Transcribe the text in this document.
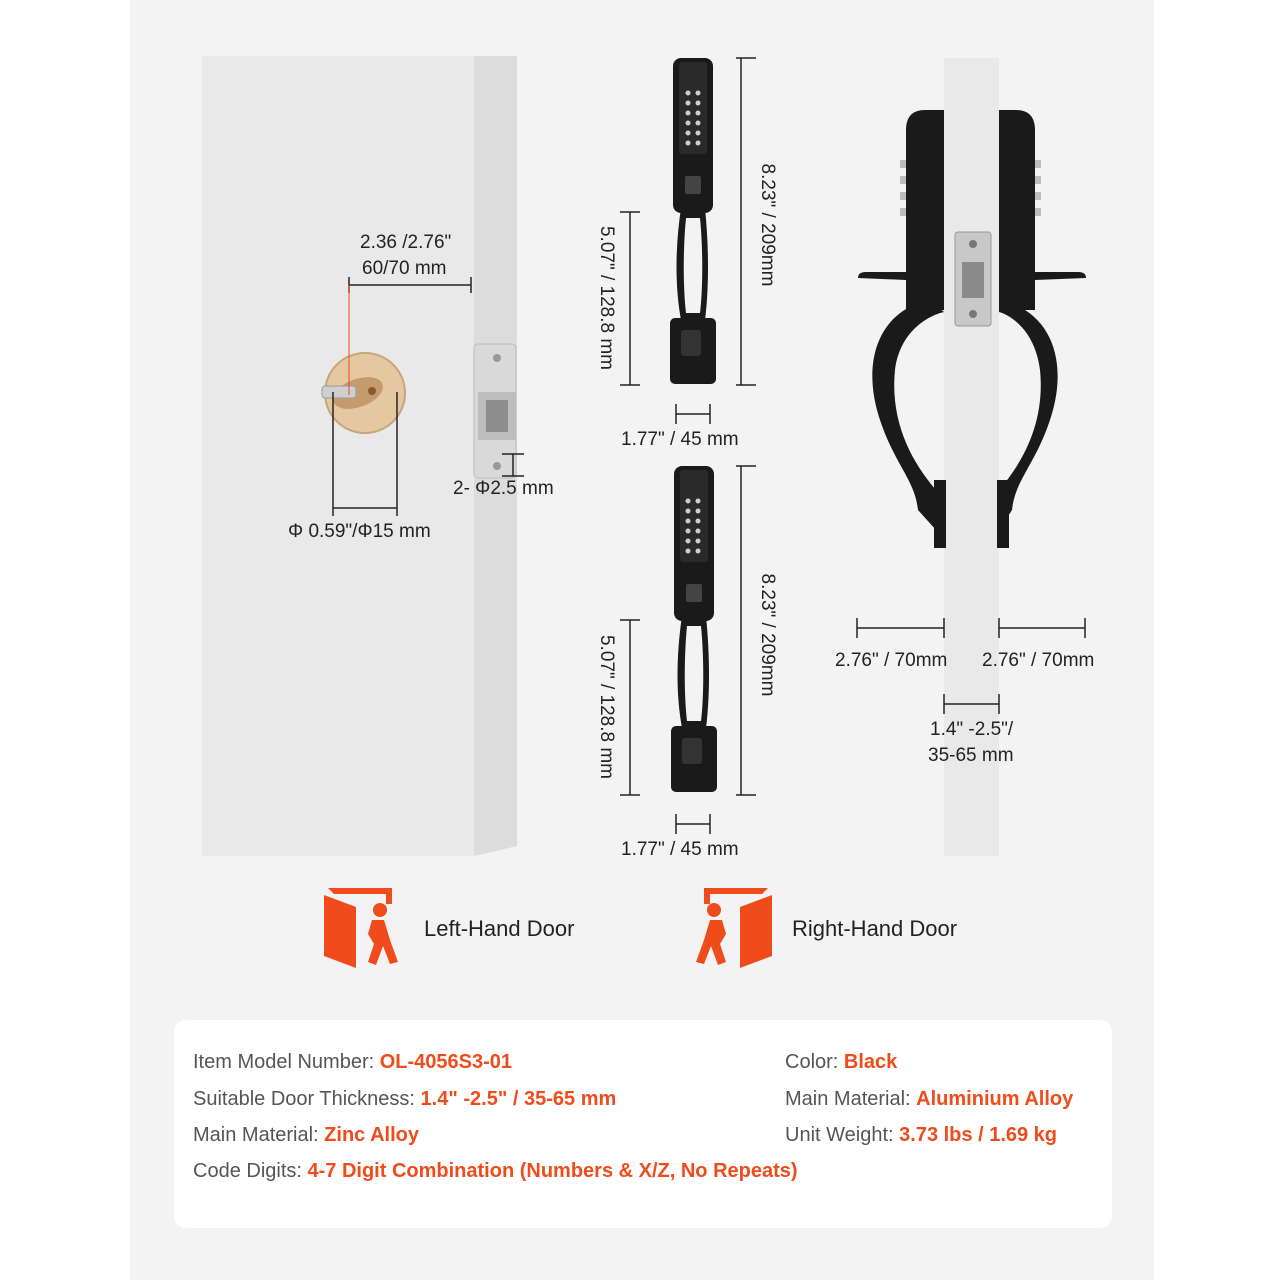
2.36 /2.76"
60/70 mm
Φ 0.59"/Φ15 mm
2- Φ2.5 mm
8.23" / 209mm
5.07" / 128.8 mm
1.77" / 45 mm
8.23" / 209mm
5.07" / 128.8 mm
1.77" / 45 mm
2.76" / 70mm 2.76" / 70mm
1.4" -2.5"/
35-65 mm
Left-Hand Door	Right-Hand Door
Item Model Number: OL-4056S3-01	Color: Black
Suitable Door Thickness: 1.4" -2.5" / 35-65 mm	Main Material: Aluminium Alloy
Main Material: Zinc Alloy	Unit Weight: 3.73 lbs / 1.69 kg
Code Digits: 4-7 Digit Combination (Numbers & X/Z, No Repeats)
